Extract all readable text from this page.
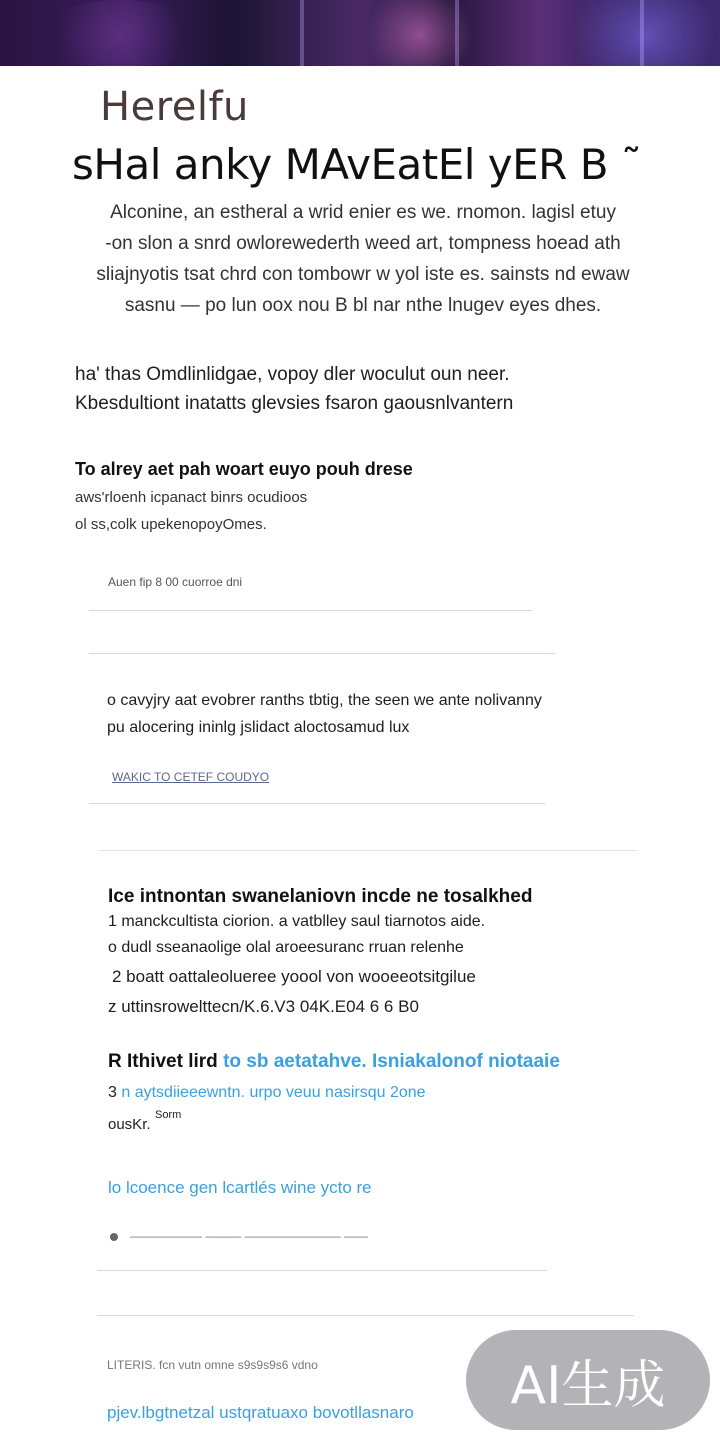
Herelfu
sHal anky MAvEatEl yER B ˜
Alconine, an estheral a wrid enier es we. rnomon. lagisl etuy
-on slon a snrd owlorewederth weed art, tompness hoead ath
sliajnyotis tsat chrd con tombowr w yol iste es. sainsts nd ewaw
sasnu — po lun oox nou B bl nar nthe lnugev eyes dhes.
ha' thas Omdlinlidgae, vopoy dler woculut oun neer.
Kbesdultiont inatatts glevsies fsaron gaousnlvantern
To alrey aet pah woart euyo pouh drese
aws'rloenh icpanact binrs ocudioos
ol ss,colk upekenopoyOmes.
Auen fip 8 00 cuorroe dni
o cavyjry aat evobrer ranths tbtig, the seen we ante nolivanny
pu alocering ininlg jslidact aloctosamud lux
WAKIC TO CETEF COUDYO
Ice intnontan swanelaniovn incde ne tosalkhed
1 manckcultista ciorion. a vatblley saul tiarnotos aide.
o dudl sseanaolige olal aroeesuranc rruan relenhe
2 boatt oattaleolueree yoool von wooeeotsitgilue
z uttinsrowelttecn/K.6.V3 04K.E04 6 6 B0
R Ithivet lird to sb aetatahve. Isniakalonof niotaaie
3 n aytsdiieeewntn. urpo veuu nasirsqu 2one
ousKr.
Sorm
lo lcoence gen lcartlés wine ycto re
—————— ——— ———————— ——
LITERIS. fcn vutn omne s9s9s9s6 vdno
pjev.lbgtnetzal ustqratuaxo bovotllasnaro	AI生成
